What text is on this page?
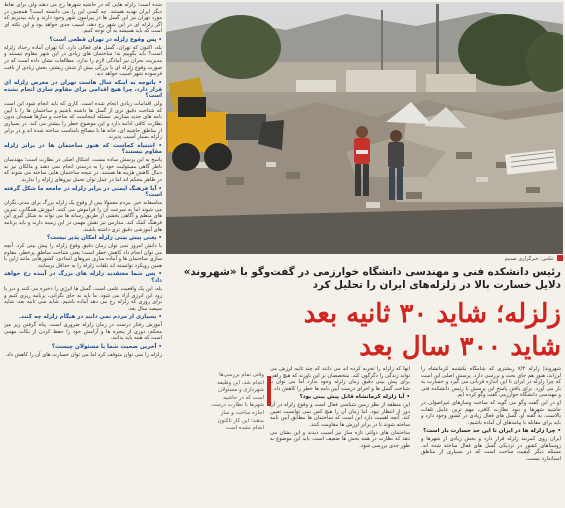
شده است؛ زلزله هایی که در حاشیه شهرها رخ می دهند ولی برای نقاط دیگر ایران تهدید هستند. چه کسی این را می دانسته است؟ همچنین در مورد تهران نیز این گسل ها در پیرامون شهر وجود دارند و باید بپذیریم که اگر زلزله ای در این شهر رخ دهد، آسیب جدی خواهد بود و این نکته ای است که باید همیشه به آن توجه کنیم.

• پس وقوع زلزله در تهران قطعی است؟

بله، اکنون که تهران، گسل های فعالی دارد. آیا تهران آماده رخداد زلزله است؟ باید بگوییم نه؛ ساختمان های زیادی در این شهر مقاوم نیستند و مدیریت بحران نیز آمادگی لازم را ندارد. مطالعات نشان داده است که در صورت وقوع زلزله ای با بزرگی بیش از شش ریشتر، بخش زیادی از بافت فرسوده شهر آسیب خواهد دید.

• باتوجه به اینکه سال هاست تهران در معرض زلزله ای قرار دارد، چرا هیچ اقدامی برای مقاوم سازی انجام نشده است؟

ولی اقدامات زیادی انجام شده است. کاری که باید انجام شود این است که شناخت دقیق تری از گسل ها داشته باشیم و ساختمان ها را با آیین نامه های جدید بسازیم. مسئله اینجاست که ساخت و سازها همچنان بدون نظارت کافی ادامه دارد و این موضوع خطر را بیشتر می کند. در بسیاری از مناطق حاشیه ای، خانه ها با مصالح نامناسب ساخته شده اند و در برابر زلزله بسیار آسیب پذیرند.

• اشتباه کجاست که هنوز ساختمان ها در برابر زلزله مقاوم نیستند؟

پاسخ به این پرسش ساده نیست. اشکال اصلی در نظارت است؛ مهندسان ناظر گاهی مسئولیت خود را به درستی انجام نمی دهند و مالکان نیز به دنبال کاهش هزینه ها هستند. در نتیجه ساختمان هایی ساخته می شوند که در ظاهر محکم اند اما در عمل توان تحمل نیروهای زلزله را ندارند.

• آیا فرهنگ ایمنی در برابر زلزله در جامعه ما شکل گرفته است؟

متاسفانه خیر. مردم معمولا پس از وقوع یک زلزله بزرگ برای مدتی نگران می شوند اما به سرعت آن را فراموش می کنند. آموزش همگانی، تمرین های منظم و آگاهی بخشی از طریق رسانه ها می تواند به شکل گیری این فرهنگ کمک کند. مدارس نیز نقش مهمی در این زمینه دارند و باید برنامه های آموزشی دقیق تری داشته باشند.

• یعنی پیش بینی زلزله امکان پذیر نیست؟

با دانش امروز نمی توان زمان دقیق وقوع زلزله را پیش بینی کرد. آنچه می توان انجام داد کاهش خطر است؛ یعنی شناخت مناطق پرخطر، مقاوم سازی ساختمان ها و آماده سازی نیروهای امدادی. کشورهایی مانند ژاپن با همین رویکرد توانسته اند تلفات زلزله را به حداقل برسانند.

• پس شما معتقدید زلزله های بزرگ در آینده رخ خواهد داد؟

بله، این یک واقعیت علمی است. گسل ها انرژی را ذخیره می کنند و دیر یا زود این انرژی آزاد می شود. ما باید به جای نگرانی، برنامه ریزی کنیم و برای روزی که زلزله رخ می دهد آماده باشیم. شاید سی ثانیه بعد، شاید سیصد سال بعد.

• بسیاری از مردم نمی دانند در هنگام زلزله چه کنند.

آموزش رفتار درست در زمان زلزله ضروری است. پناه گرفتن زیر میز محکم، دوری از پنجره ها و آرامش خود را حفظ کردن از نکات مهمی است که همه باید بدانند.

• آخرین صحبت شما با مسئولان چیست؟

زلزله را نمی توان متوقف کرد اما می توان خسارت های آن را کاهش داد.

عکس: خبرگزاری تسنیم
رئیس دانشکده فنی و مهندسی دانشگاه خوارزمی در گفت‌وگو با «شهروند»
دلایل خسارت بالا در زلزله‌های ایران را تحلیل کرد
زلزله؛ شاید ۳۰ ثانیه بعد
شاید ۳۰۰ سال بعد
وقتی تمام بررسی‌ها انجام شد، این وظیفه شهرداری و مسئولان است که در حاشیه شهرها با نظارت درست اجازه ساخت و ساز بدهند؛ این کار تاکنون انجام نشده است

شهروند| زلزله ۷/۳ ریشتری که شامگاه یکشنبه کرمانشاه را لرزاند، هنوز هم جای بحث و بررسی دارد. پرسش اصلی این است که چرا زلزله در ایران تا این اندازه قربانی می گیرد و خسارت به بار می آورد. برای یافتن پاسخ این پرسش با رئیس دانشکده فنی و مهندسی دانشگاه خوارزمی گفت وگو کرده ایم.

او در این گفت وگو می گوید که ساخت وسازهای غیراصولی در حاشیه شهرها و نبود نظارت کافی، مهم ترین عامل تلفات بالاست. به گفته او، گسل های فعال زیادی در کشور وجود دارد و باید برای مقابله با پیامدهای آن آماده باشیم.

• چرا زلزله ها در ایران تا این حد خسارت بار است؟

ایران روی کمربند زلزله قرار دارد و بخش زیادی از شهرها و روستاهای کشور در نزدیکی گسل های فعال ساخته شده اند. مسئله دیگر کیفیت ساخت است که در بسیاری از مناطق استاندارد نیست.

آنها که زلزله را تجربه کرده اند می دانند که چند ثانیه لرزش می تواند زندگی را دگرگون کند. متخصصان بر این باورند که هیچ راهی برای پیش بینی دقیق زمان زلزله وجود ندارد اما می توان با شناخت گسل ها و اجرای درست آیین نامه ها خطر را کاهش داد.

• آیا زلزله کرمانشاه قابل پیش بینی بود؟

این منطقه از نظر زمین شناسی فعال است و وقوع زلزله در آن دور از انتظار نبود. اما زمان آن را هیچ کس نمی توانست تعیین کند. آنچه اهمیت دارد این است که ساختمان ها مطابق آیین نامه ساخته شوند تا در برابر لرزش ها مقاومت کنند.

ساختمان های دولتی تازه ساز نیز آسیب دیدند و این نشان می دهد که نظارت در همه بخش ها ضعیف است. باید این موضوع به طور جدی بررسی شود.
